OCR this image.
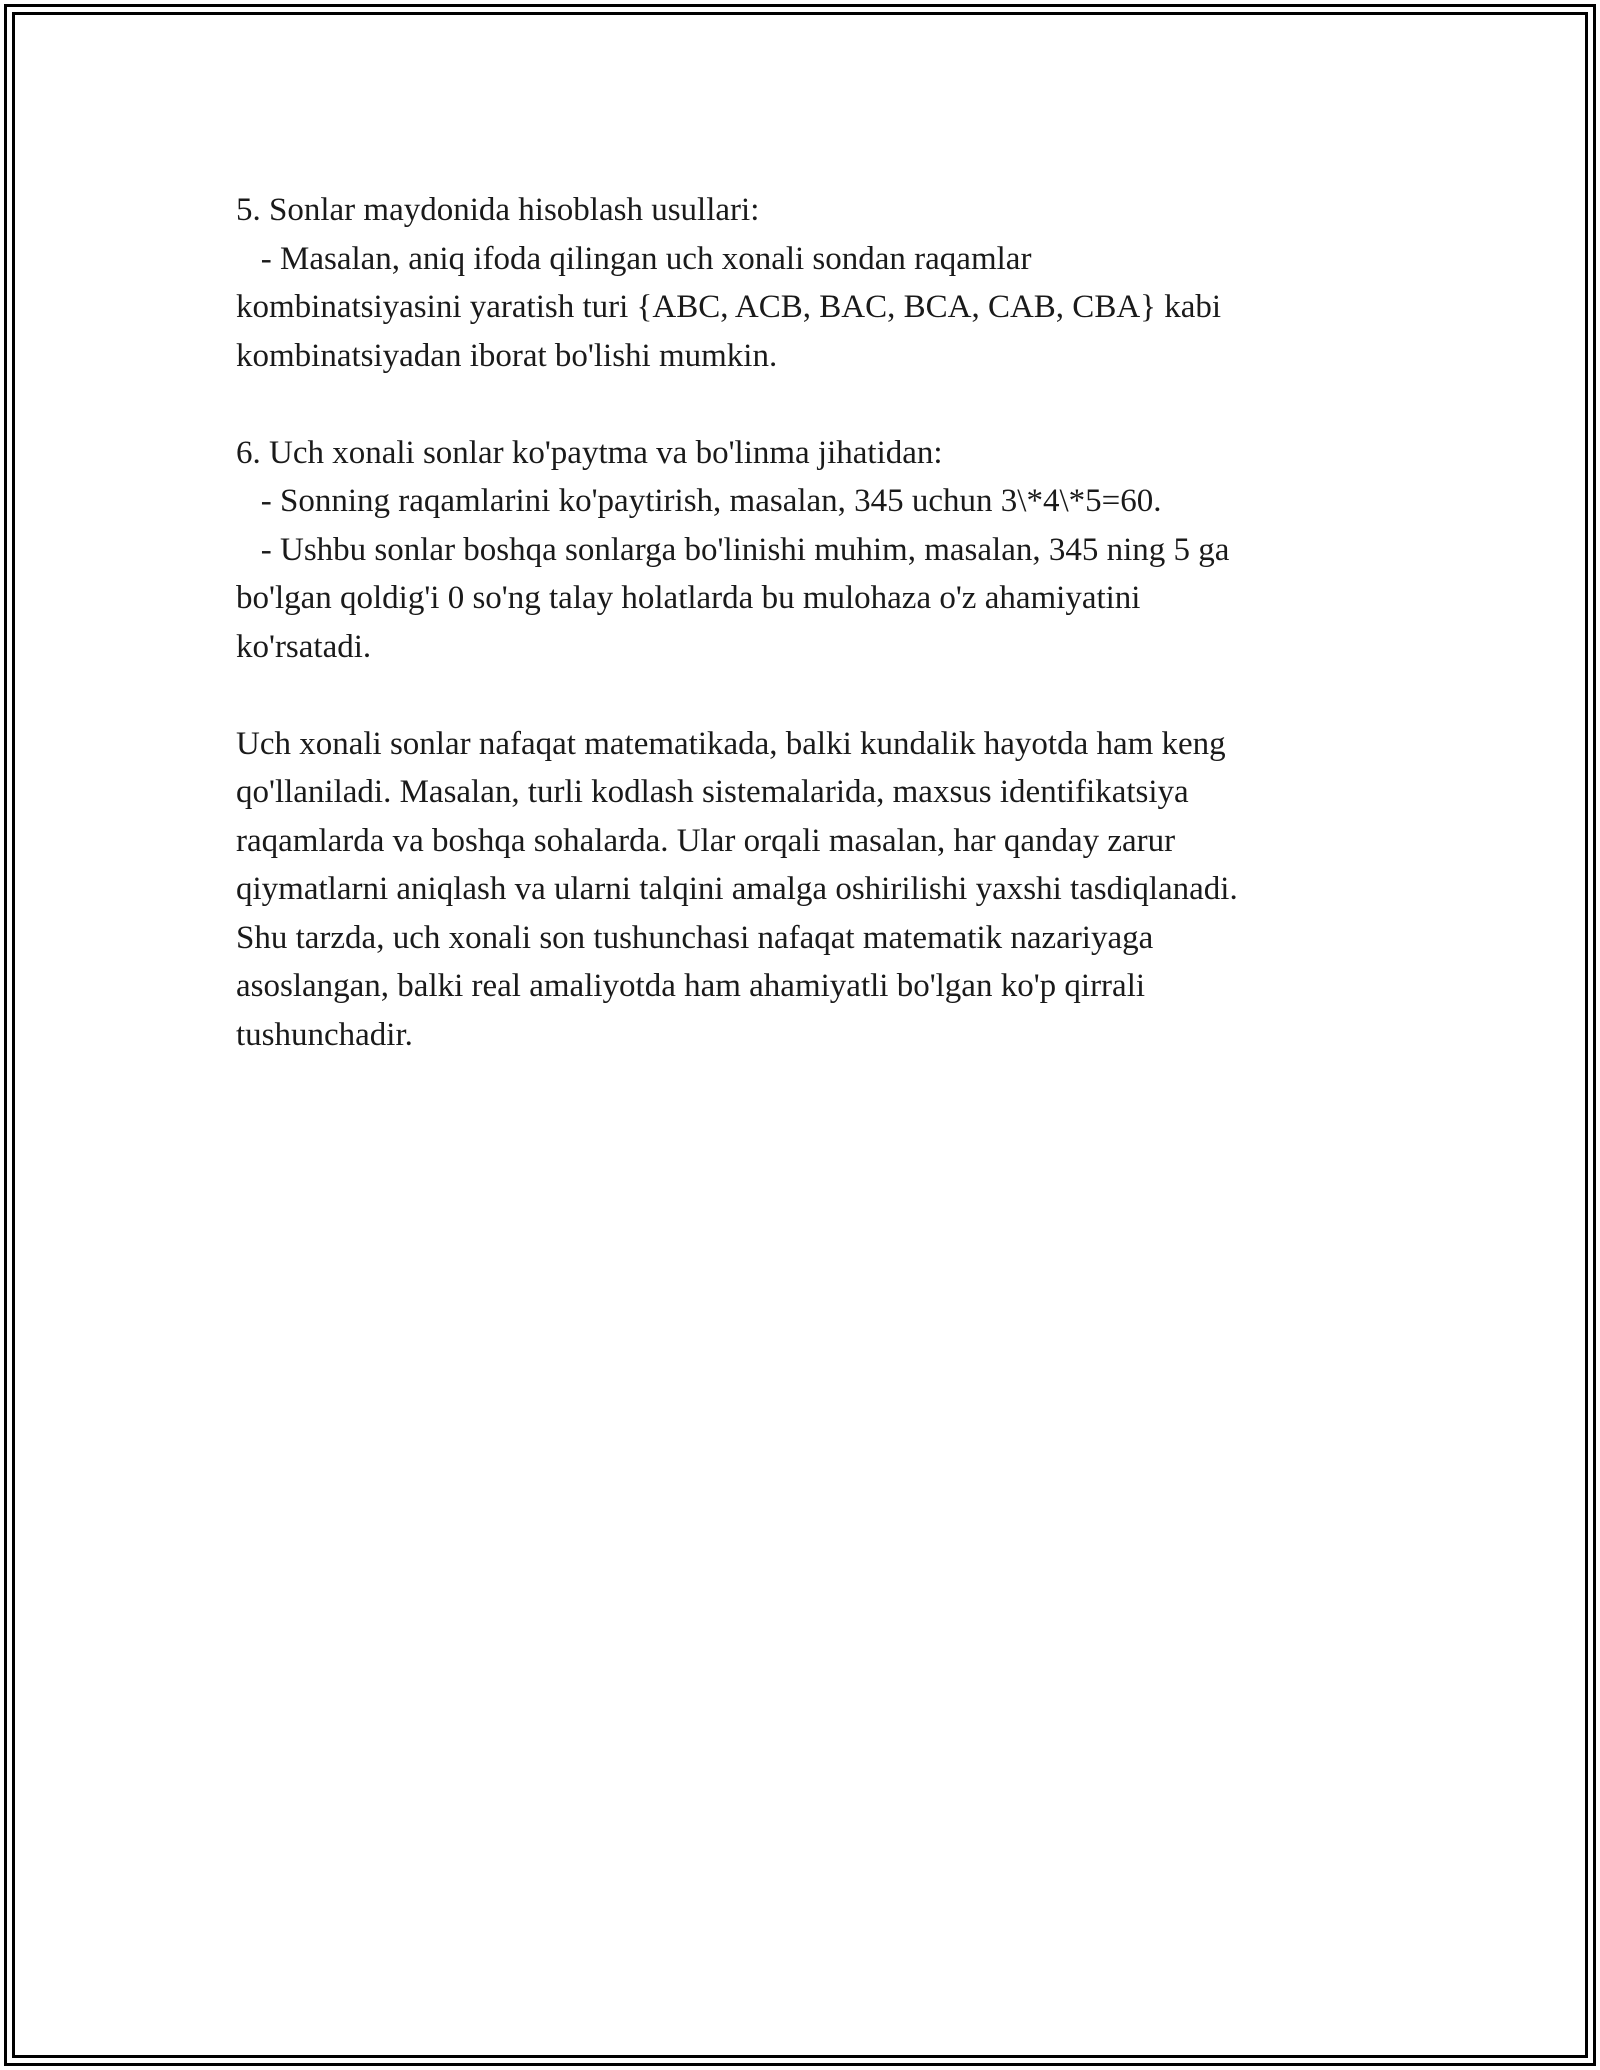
5. Sonlar maydonida hisoblash usullari:

- Masalan, aniq ifoda qilingan uch xonali sondan raqamlar

kombinatsiyasini yaratish turi {ABC, ACB, BAC, BCA, CAB, CBA} kabi

kombinatsiyadan iborat bo'lishi mumkin.

6. Uch xonali sonlar ko'paytma va bo'linma jihatidan:

- Sonning raqamlarini ko'paytirish, masalan, 345 uchun 3\*4\*5=60.

- Ushbu sonlar boshqa sonlarga bo'linishi muhim, masalan, 345 ning 5 ga

bo'lgan qoldig'i 0 so'ng talay holatlarda bu mulohaza o'z ahamiyatini

ko'rsatadi.

Uch xonali sonlar nafaqat matematikada, balki kundalik hayotda ham keng

qo'llaniladi. Masalan, turli kodlash sistemalarida, maxsus identifikatsiya

raqamlarda va boshqa sohalarda. Ular orqali masalan, har qanday zarur

qiymatlarni aniqlash va ularni talqini amalga oshirilishi yaxshi tasdiqlanadi.

Shu tarzda, uch xonali son tushunchasi nafaqat matematik nazariyaga

asoslangan, balki real amaliyotda ham ahamiyatli bo'lgan ko'p qirrali

tushunchadir.
